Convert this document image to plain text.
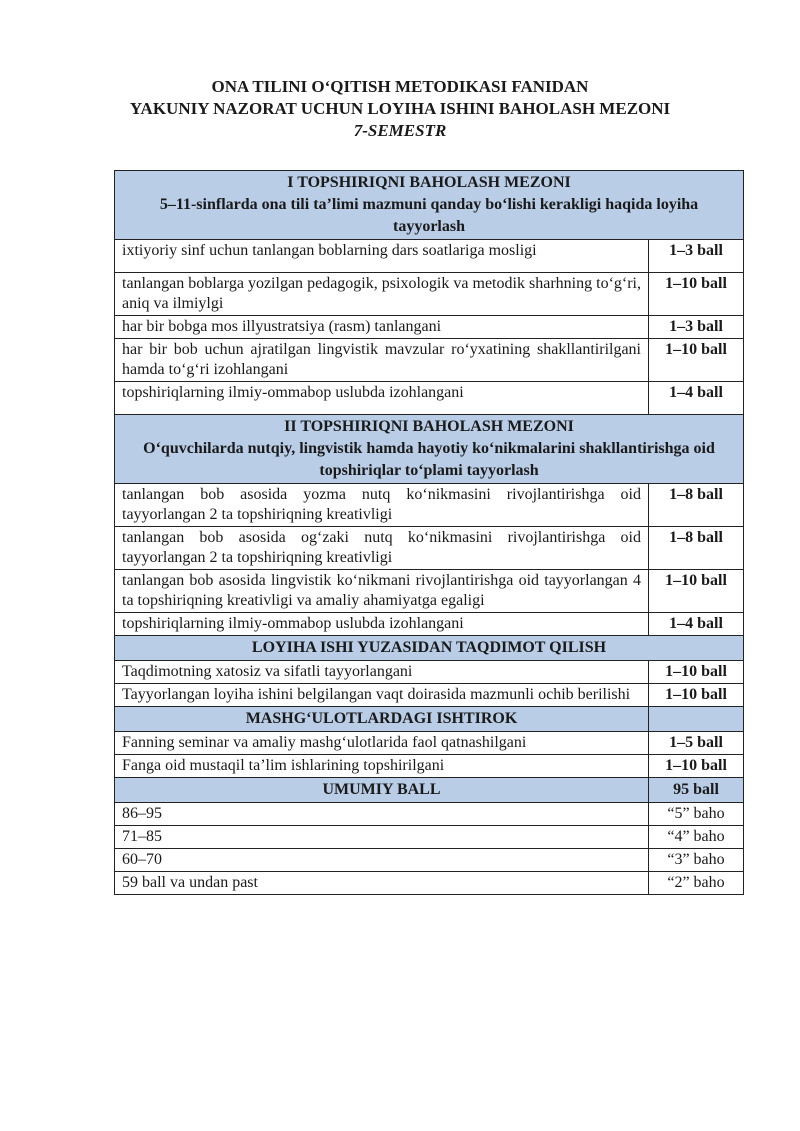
ONA TILINI O‘QITISH METODIKASI FANIDAN
YAKUNIY NAZORAT UCHUN LOYIHA ISHINI BAHOLASH MEZONI
7-SEMESTR
I TOPSHIRIQNI BAHOLASH MEZONI
5–11-sinflarda ona tili ta’limi mazmuni qanday bo‘lishi kerakligi haqida loyiha tayyorlash	

ixtiyoriy sinf uchun tanlangan boblarning dars soatlariga mosligi	1–3 ball
tanlangan boblarga yozilgan pedagogik, psixologik va metodik sharhning to‘g‘ri, aniq va ilmiylgi	1–10 ball
har bir bobga mos illyustratsiya (rasm) tanlangani	1–3 ball
har bir bob uchun ajratilgan lingvistik mavzular ro‘yxatining shakllantirilgani hamda to‘g‘ri izohlangani	1–10 ball
topshiriqlarning ilmiy-ommabop uslubda izohlangani	1–4 ball

II TOPSHIRIQNI BAHOLASH MEZONI
O‘quvchilarda nutqiy, lingvistik hamda hayotiy ko‘nikmalarini shakllantirishga oid topshiriqlar to‘plami tayyorlash	

tanlangan bob asosida yozma nutq ko‘nikmasini rivojlantirishga oid tayyorlangan 2 ta topshiriqning kreativligi	1–8 ball
tanlangan bob asosida og‘zaki nutq ko‘nikmasini rivojlantirishga oid tayyorlangan 2 ta topshiriqning kreativligi	1–8 ball
tanlangan bob asosida lingvistik ko‘nikmani rivojlantirishga oid tayyorlangan 4 ta topshiriqning kreativligi va amaliy ahamiyatga egaligi	1–10 ball
topshiriqlarning ilmiy-ommabop uslubda izohlangani	1–4 ball
LOYIHA ISHI YUZASIDAN TAQDIMOT QILISH	
Taqdimotning xatosiz va sifatli tayyorlangani	1–10 ball
Tayyorlangan loyiha ishini belgilangan vaqt doirasida mazmunli ochib berilishi	1–10 ball
MASHG‘ULOTLARDAGI ISHTIROK	
Fanning seminar va amaliy mashg‘ulotlarida faol qatnashilgani	1–5 ball
Fanga oid mustaqil ta’lim ishlarining topshirilgani	1–10 ball
UMUMIY BALL	95 ball
86–95	“5” baho
71–85	“4” baho
60–70	“3” baho
59 ball va undan past	“2” baho
